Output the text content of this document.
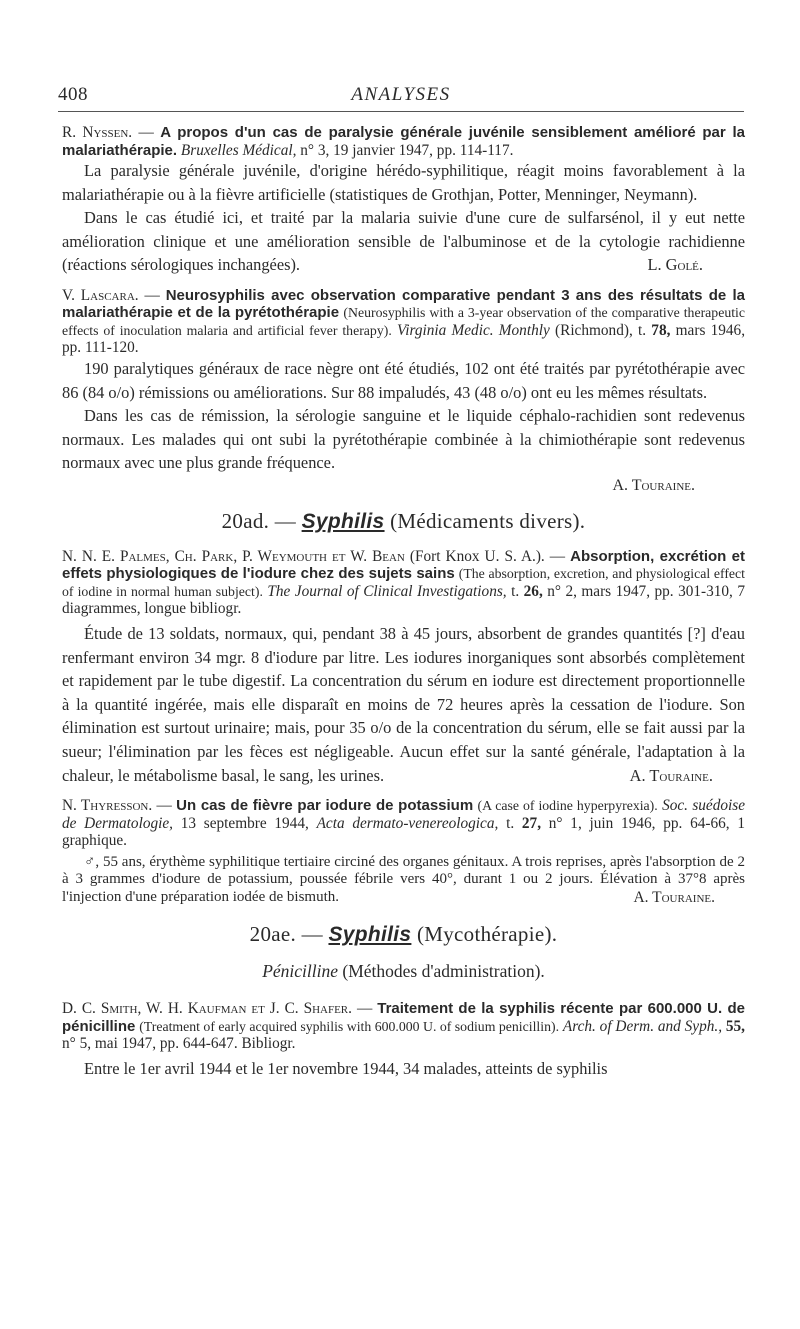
408	ANALYSES

R. Nyssen. — A propos d'un cas de paralysie générale juvénile sensiblement amélioré par la malariathérapie. Bruxelles Médical, n° 3, 19 janvier 1947, pp. 114-117.

La paralysie générale juvénile, d'origine hérédo-syphilitique, réagit moins favorablement à la malariathérapie ou à la fièvre artificielle (statistiques de Grothjan, Potter, Menninger, Neymann).

Dans le cas étudié ici, et traité par la malaria suivie d'une cure de sulfarsénol, il y eut nette amélioration clinique et une amélioration sensible de l'albuminose et de la cytologie rachidienne (réactions sérologiques inchangées).	L. Golé.

V. Lascara. — Neurosyphilis avec observation comparative pendant 3 ans des résultats de la malariathérapie et de la pyrétothérapie (Neurosyphilis with a 3-year observation of the comparative therapeutic effects of inoculation malaria and artificial fever therapy). Virginia Medic. Monthly (Richmond), t. 78, mars 1946, pp. 111-120.

190 paralytiques généraux de race nègre ont été étudiés, 102 ont été traités par pyrétothérapie avec 86 (84 o/o) rémissions ou améliorations. Sur 88 impaludés, 43 (48 o/o) ont eu les mêmes résultats.

Dans les cas de rémission, la sérologie sanguine et le liquide céphalo-rachidien sont redevenus normaux. Les malades qui ont subi la pyrétothérapie combinée à la chimiothérapie sont redevenus normaux avec une plus grande fréquence.

A. Touraine.

20ad. — Syphilis (Médicaments divers).

N. N. E. Palmes, Ch. Park, P. Weymouth et W. Bean (Fort Knox U. S. A.). — Absorption, excrétion et effets physiologiques de l'iodure chez des sujets sains (The absorption, excretion, and physiological effect of iodine in normal human subject). The Journal of Clinical Investigations, t. 26, n° 2, mars 1947, pp. 301-310, 7 diagrammes, longue bibliogr.

Étude de 13 soldats, normaux, qui, pendant 38 à 45 jours, absorbent de grandes quantités [?] d'eau renfermant environ 34 mgr. 8 d'iodure par litre. Les iodures inorganiques sont absorbés complètement et rapidement par le tube digestif. La concentration du sérum en iodure est directement proportionnelle à la quantité ingérée, mais elle disparaît en moins de 72 heures après la cessation de l'iodure. Son élimination est surtout urinaire; mais, pour 35 o/o de la concentration du sérum, elle se fait aussi par la sueur; l'élimination par les fèces est négligeable. Aucun effet sur la santé générale, l'adaptation à la chaleur, le métabolisme basal, le sang, les urines.	A. Touraine.

N. Thyresson. — Un cas de fièvre par iodure de potassium (A case of iodine hyperpyrexia). Soc. suédoise de Dermatologie, 13 septembre 1944, Acta dermato-venereologica, t. 27, n° 1, juin 1946, pp. 64-66, 1 graphique.

♂, 55 ans, érythème syphilitique tertiaire circiné des organes génitaux. A trois reprises, après l'absorption de 2 à 3 grammes d'iodure de potassium, poussée fébrile vers 40°, durant 1 ou 2 jours. Élévation à 37°8 après l'injection d'une préparation iodée de bismuth.	A. Touraine.

20ae. — Syphilis (Mycothérapie).
Pénicilline (Méthodes d'administration).

D. C. Smith, W. H. Kaufman et J. C. Shafer. — Traitement de la syphilis récente par 600.000 U. de pénicilline (Treatment of early acquired syphilis with 600.000 U. of sodium penicillin). Arch. of Derm. and Syph., 55, n° 5, mai 1947, pp. 644-647. Bibliogr.

Entre le 1er avril 1944 et le 1er novembre 1944, 34 malades, atteints de syphilis
